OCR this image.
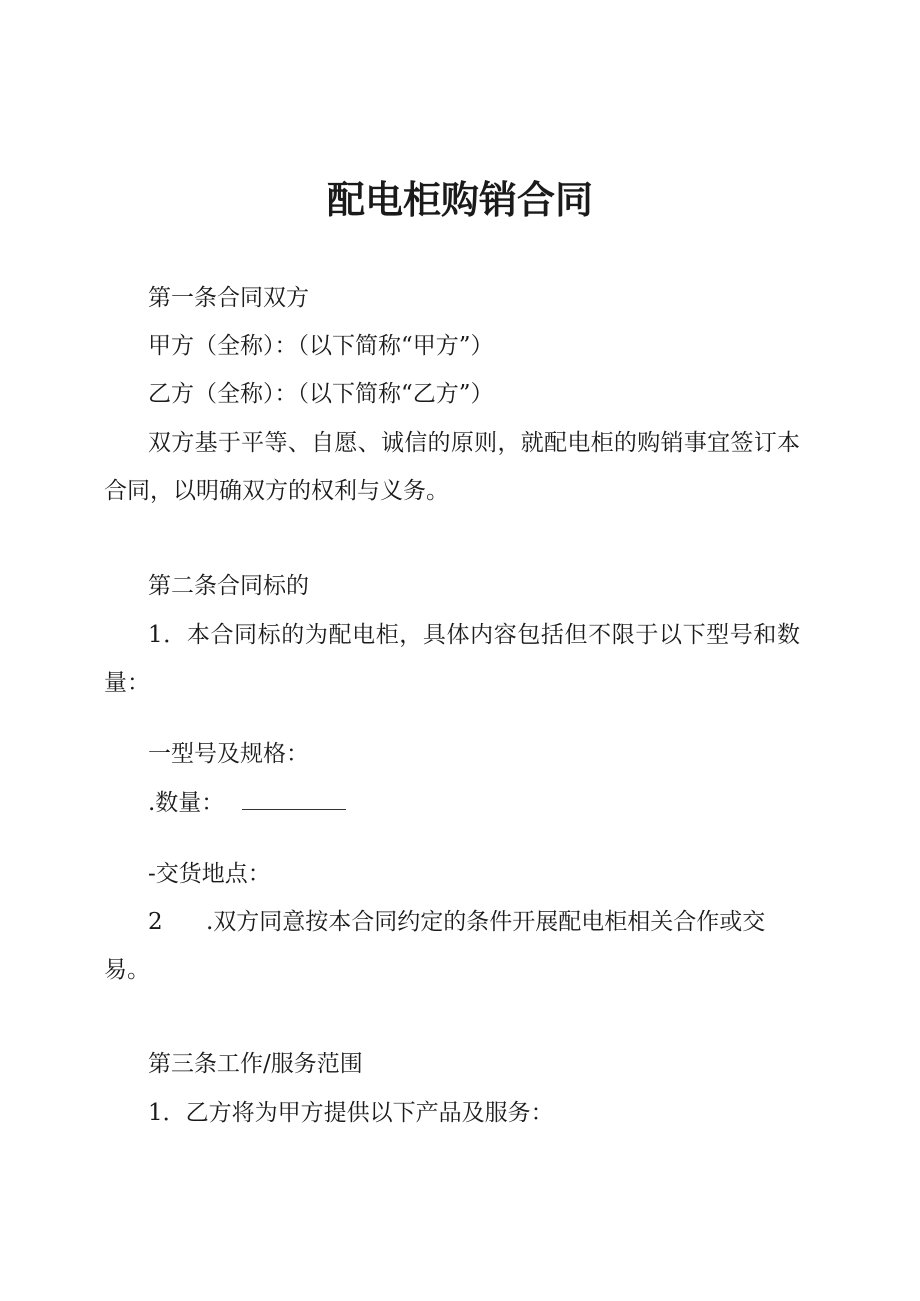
配电柜购销合同
第一条合同双方
甲方（全称）：（以下简称“甲方”）
乙方（全称）：（以下简称“乙方”）
双方基于平等、自愿、诚信的原则，就配电柜的购销事宜签订本
合同，以明确双方的权利与义务。
第二条合同标的
1．本合同标的为配电柜，具体内容包括但不限于以下型号和数
量：
一型号及规格：
.数量：
-交货地点：
2 .双方同意按本合同约定的条件开展配电柜相关合作或交
易。
第三条工作/服务范围
1．乙方将为甲方提供以下产品及服务：
